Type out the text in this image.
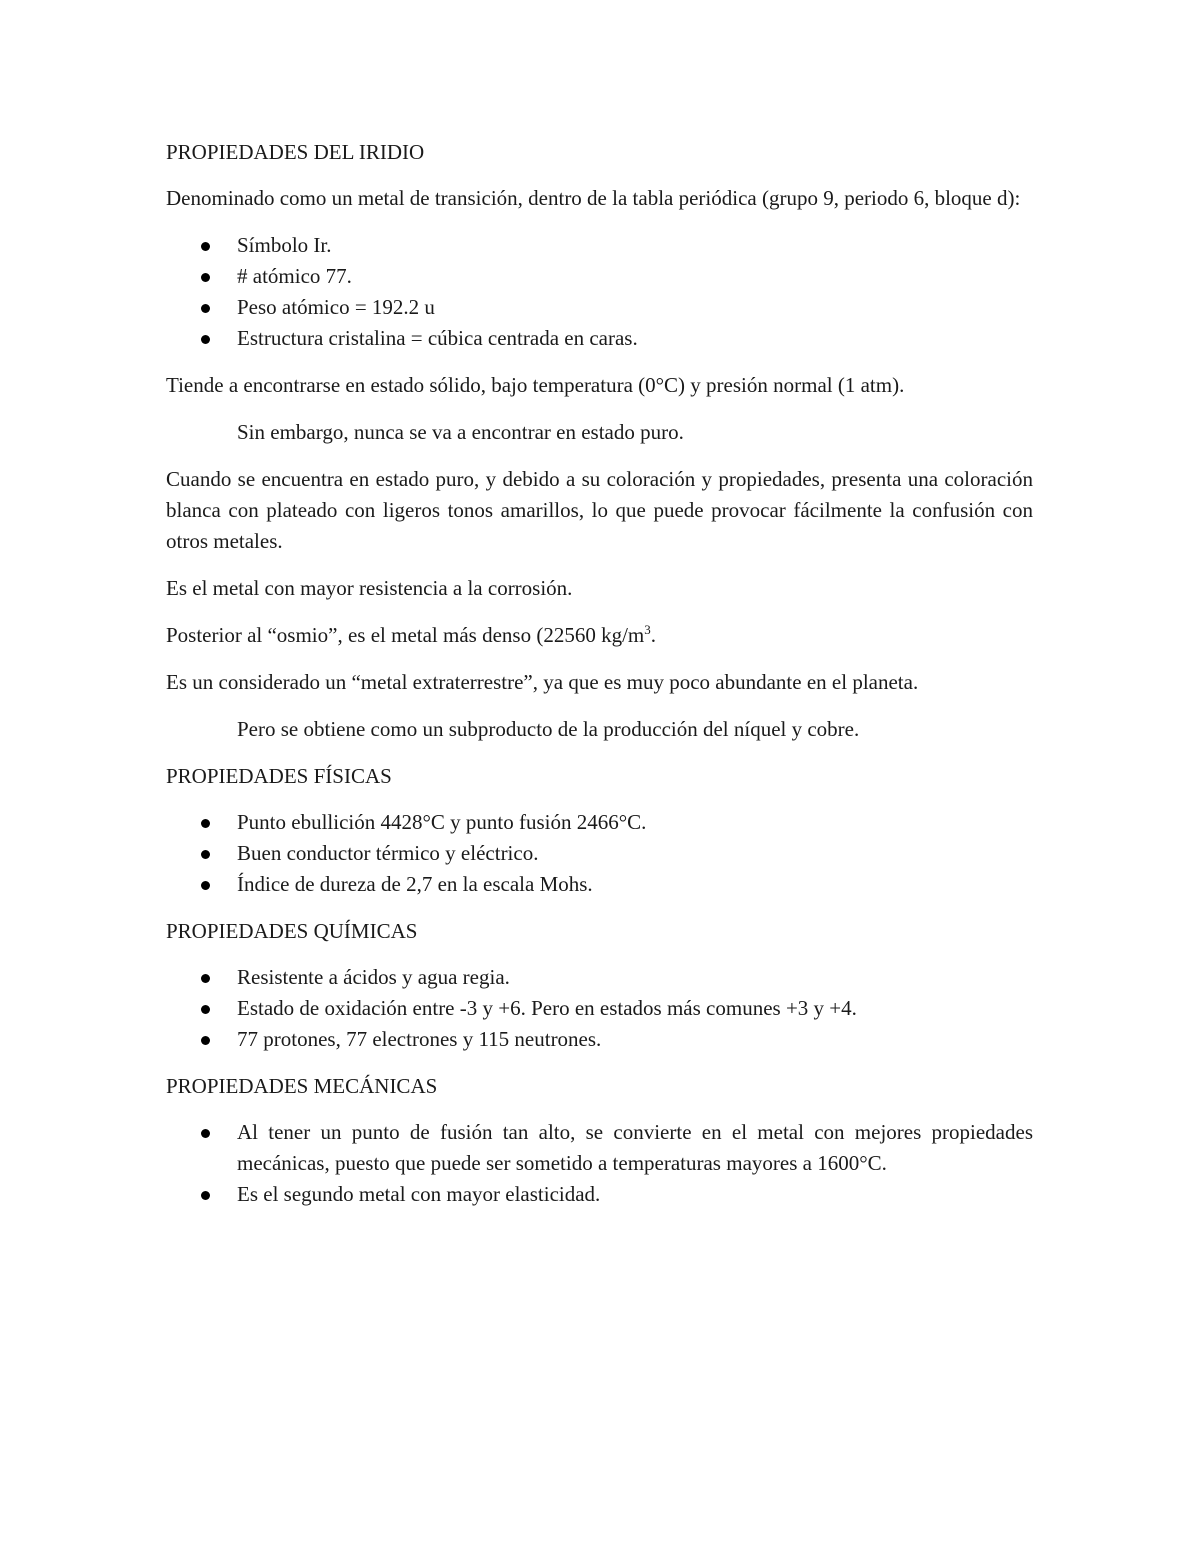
PROPIEDADES DEL IRIDIO

Denominado como un metal de transición, dentro de la tabla periódica (grupo 9, periodo 6, bloque d):

Símbolo Ir.
# atómico 77.
Peso atómico = 192.2 u
Estructura cristalina = cúbica centrada en caras.

Tiende a encontrarse en estado sólido, bajo temperatura (0°C) y presión normal (1 atm).

Sin embargo, nunca se va a encontrar en estado puro.

Cuando se encuentra en estado puro, y debido a su coloración y propiedades, presenta una coloración blanca con plateado con ligeros tonos amarillos, lo que puede provocar fácilmente la confusión con otros metales.

Es el metal con mayor resistencia a la corrosión.

Posterior al “osmio”, es el metal más denso (22560 $kg/m^3$.

Es un considerado un “metal extraterrestre”, ya que es muy poco abundante en el planeta.

Pero se obtiene como un subproducto de la producción del níquel y cobre.

PROPIEDADES FÍSICAS

Punto ebullición 4428°C y punto fusión 2466°C.
Buen conductor térmico y eléctrico.
Índice de dureza de 2,7 en la escala Mohs.

PROPIEDADES QUÍMICAS

Resistente a ácidos y agua regia.
Estado de oxidación entre -3 y +6. Pero en estados más comunes +3 y +4.
77 protones, 77 electrones y 115 neutrones.

PROPIEDADES MECÁNICAS

Al tener un punto de fusión tan alto, se convierte en el metal con mejores propiedades mecánicas, puesto que puede ser sometido a temperaturas mayores a 1600°C.
Es el segundo metal con mayor elasticidad.
